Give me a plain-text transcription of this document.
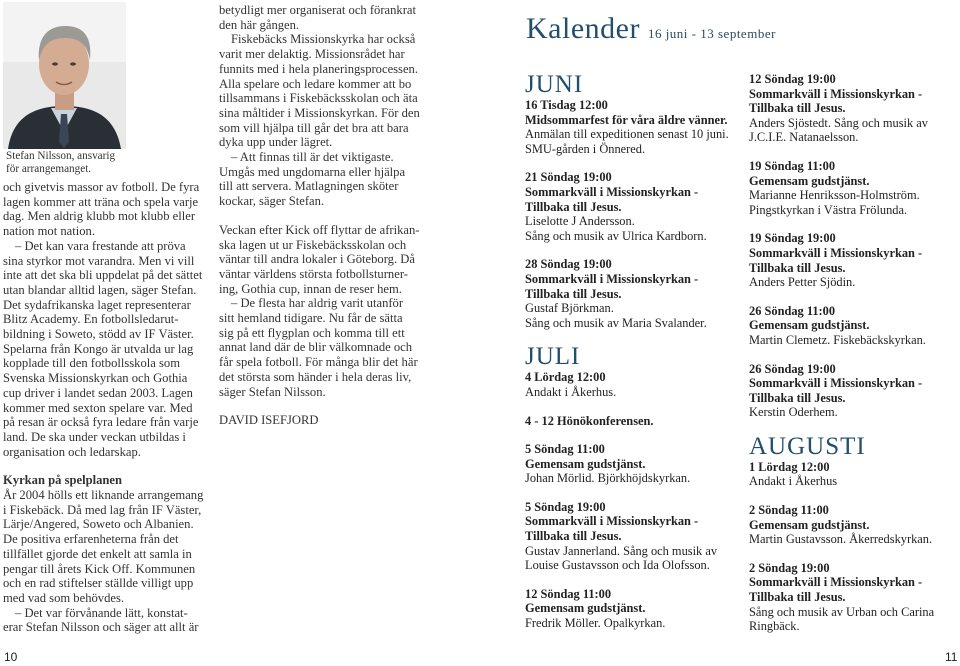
Stefan Nilsson, ansvarig
för arrangemanget.

och givetvis massor av fotboll. De fyra

lagen kommer att träna och spela varje

dag. Men aldrig klubb mot klubb eller

nation mot nation.

– Det kan vara frestande att pröva

sina styrkor mot varandra. Men vi vill

inte att det ska bli uppdelat på det sättet

utan blandar alltid lagen, säger Stefan.

Det sydafrikanska laget representerar

Blitz Academy. En fotbollsledarut-

bildning i Soweto, stödd av IF Väster.

Spelarna från Kongo är utvalda ur lag

kopplade till den fotbollsskola som

Svenska Missionskyrkan och Gothia

cup driver i landet sedan 2003. Lagen

kommer med sexton spelare var. Med

på resan är också fyra ledare från varje

land. De ska under veckan utbildas i

organisation och ledarskap.

Kyrkan på spelplanen

År 2004 hölls ett liknande arrangemang

i Fiskebäck. Då med lag från IF Väster,

Lärje/Angered, Soweto och Albanien.

De positiva erfarenheterna från det

tillfället gjorde det enkelt att samla in

pengar till årets Kick Off. Kommunen

och en rad stiftelser ställde villigt upp

med vad som behövdes.

– Det var förvånande lätt, konstat-

erar Stefan Nilsson och säger att allt är

betydligt mer organiserat och förankrat

den här gången.

Fiskebäcks Missionskyrka har också

varit mer delaktig. Missionsrådet har

funnits med i hela planeringsprocessen.

Alla spelare och ledare kommer att bo

tillsammans i Fiskebäcksskolan och äta

sina måltider i Missionskyrkan. För den

som vill hjälpa till går det bra att bara

dyka upp under lägret.

– Att finnas till är det viktigaste.

Umgås med ungdomarna eller hjälpa

till att servera. Matlagningen sköter

kockar, säger Stefan.

Veckan efter Kick off flyttar de afrikan-

ska lagen ut ur Fiskebäcksskolan och

väntar till andra lokaler i Göteborg. Då

väntar världens största fotbollsturner-

ing, Gothia cup, innan de reser hem.

– De flesta har aldrig varit utanför

sitt hemland tidigare. Nu får de sätta

sig på ett flygplan och komma till ett

annat land där de blir välkomnade och

får spela fotboll. För många blir det här

det största som händer i hela deras liv,

säger Stefan Nilsson.

DAVID ISEFJORD

10
Kalender 16 juni - 13 september

JUNI

16 Tisdag 12:00
Midsommarfest för våra äldre vänner.
Anmälan till expeditionen senast 10 juni.
SMU-gården i Önnered.
21 Söndag 19:00
Sommarkväll i Missionskyrkan -
Tillbaka till Jesus.
Liselotte J Andersson.
Sång och musik av Ulrica Kardborn.
28 Söndag 19:00
Sommarkväll i Missionskyrkan -
Tillbaka till Jesus.
Gustaf Björkman.
Sång och musik av Maria Svalander.

JULI

4 Lördag 12:00
Andakt i Åkerhus.
4 - 12 Hönökonferensen.
5 Söndag 11:00
Gemensam gudstjänst.
Johan Mörlid. Björkhöjdskyrkan.
5 Söndag 19:00
Sommarkväll i Missionskyrkan -
Tillbaka till Jesus.
Gustav Jannerland. Sång och musik av
Louise Gustavsson och Ida Olofsson.
12 Söndag 11:00
Gemensam gudstjänst.
Fredrik Möller. Opalkyrkan.
12 Söndag 19:00
Sommarkväll i Missionskyrkan -
Tillbaka till Jesus.
Anders Sjöstedt. Sång och musik av
J.C.I.E. Natanaelsson.
19 Söndag 11:00
Gemensam gudstjänst.
Marianne Henriksson-Holmström.
Pingstkyrkan i Västra Frölunda.
19 Söndag 19:00
Sommarkväll i Missionskyrkan -
Tillbaka till Jesus.
Anders Petter Sjödin.
26 Söndag 11:00
Gemensam gudstjänst.
Martin Clemetz. Fiskebäckskyrkan.
26 Söndag 19:00
Sommarkväll i Missionskyrkan -
Tillbaka till Jesus.
Kerstin Oderhem.

AUGUSTI

1 Lördag 12:00
Andakt i Åkerhus
2 Söndag 11:00
Gemensam gudstjänst.
Martin Gustavsson. Åkerredskyrkan.
2 Söndag 19:00
Sommarkväll i Missionskyrkan -
Tillbaka till Jesus.
Sång och musik av Urban och Carina
Ringbäck.
11
